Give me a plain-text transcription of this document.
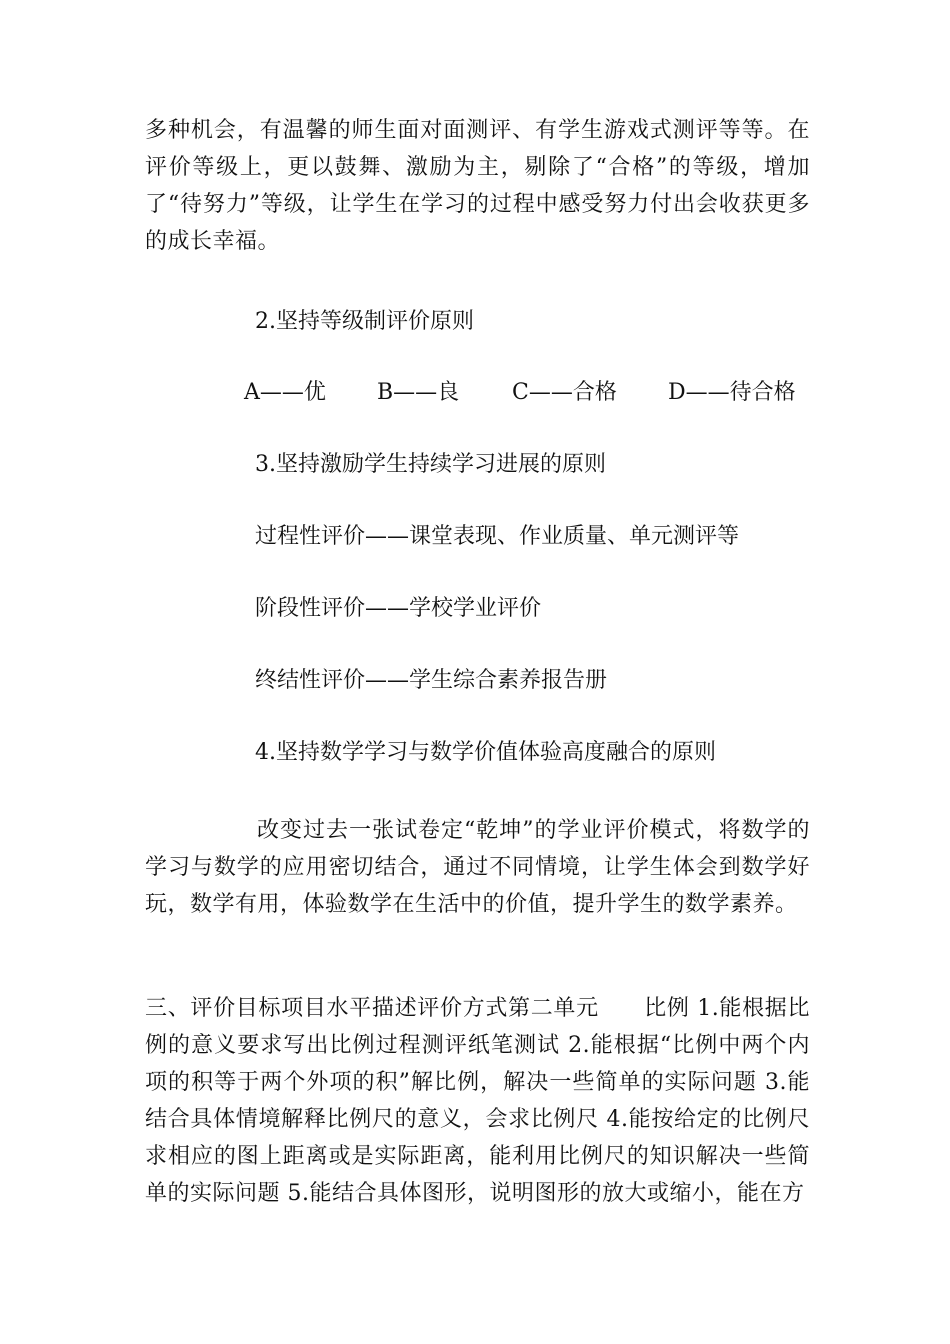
多种机会，有温馨的师生面对面测评、有学生游戏式测评等等。在评价等级上，更以鼓舞、激励为主，剔除了“合格”的等级，增加了“待努力”等级，让学生在学习的过程中感受努力付出会收获更多的成长幸福。

2.坚持等级制评价原则

A——优 B——良 C——合格 D——待合格

3.坚持激励学生持续学习进展的原则

过程性评价——课堂表现、作业质量、单元测评等

阶段性评价——学校学业评价

终结性评价——学生综合素养报告册

4.坚持数学学习与数学价值体验高度融合的原则

改变过去一张试卷定“乾坤”的学业评价模式，将数学的学习与数学的应用密切结合，通过不同情境，让学生体会到数学好玩，数学有用，体验数学在生活中的价值，提升学生的数学素养。

三、评价目标项目水平描述评价方式第二单元　　比例 1.能根据比例的意义要求写出比例过程测评纸笔测试 2.能根据“比例中两个内项的积等于两个外项的积”解比例，解决一些简单的实际问题 3.能结合具体情境解释比例尺的意义，会求比例尺 4.能按给定的比例尺求相应的图上距离或是实际距离，能利用比例尺的知识解决一些简单的实际问题 5.能结合具体图形，说明图形的放大或缩小，能在方
